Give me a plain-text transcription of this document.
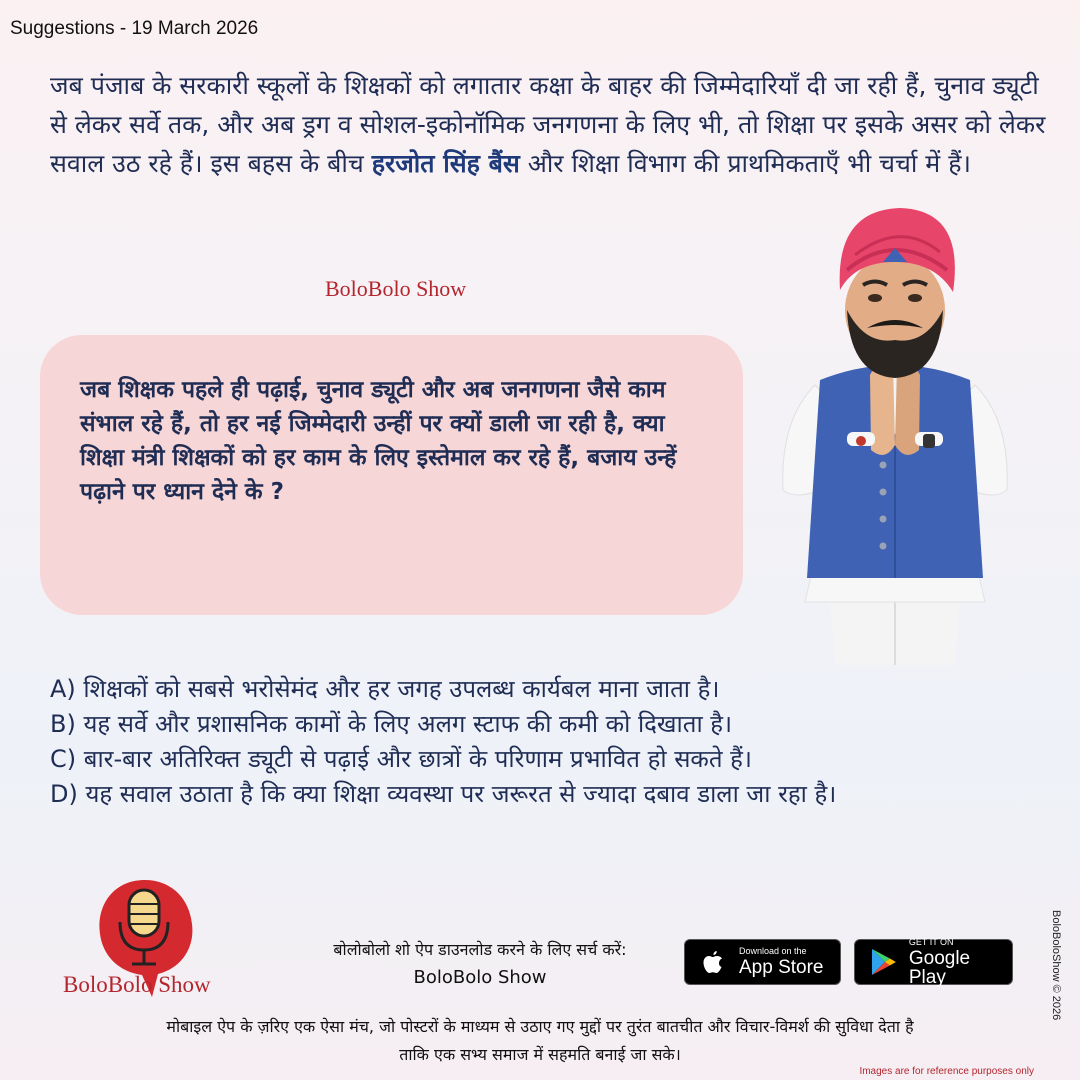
Suggestions - 19 March 2026
जब पंजाब के सरकारी स्कूलों के शिक्षकों को लगातार कक्षा के बाहर की जिम्मेदारियाँ दी जा रही हैं, चुनाव ड्यूटी से लेकर सर्वे तक, और अब ड्रग व सोशल-इकोनॉमिक जनगणना के लिए भी, तो शिक्षा पर इसके असर को लेकर सवाल उठ रहे हैं। इस बहस के बीच हरजोत सिंह बैंस और शिक्षा विभाग की प्राथमिकताएँ भी चर्चा में हैं।
BoloBolo Show

जब शिक्षक पहले ही पढ़ाई, चुनाव ड्यूटी और अब जनगणना जैसे काम संभाल रहे हैं, तो हर नई जिम्मेदारी उन्हीं पर क्यों डाली जा रही है, क्या शिक्षा मंत्री शिक्षकों को हर काम के लिए इस्तेमाल कर रहे हैं, बजाय उन्हें पढ़ाने पर ध्यान देने के ?

A) शिक्षकों को सबसे भरोसेमंद और हर जगह उपलब्ध कार्यबल माना जाता है।
B) यह सर्वे और प्रशासनिक कामों के लिए अलग स्टाफ की कमी को दिखाता है।
C) बार-बार अतिरिक्त ड्यूटी से पढ़ाई और छात्रों के परिणाम प्रभावित हो सकते हैं।
D) यह सवाल उठाता है कि क्या शिक्षा व्यवस्था पर जरूरत से ज्यादा दबाव डाला जा रहा है।
BoloBolo Show
बोलोबोलो शो ऐप डाउनलोड करने के लिए सर्च करें:
BoloBolo Show
Download on the
App Store
GET IT ON
Google Play
मोबाइल ऐप के ज़रिए एक ऐसा मंच, जो पोस्टरों के माध्यम से उठाए गए मुद्दों पर तुरंत बातचीत और विचार-विमर्श की सुविधा देता है
ताकि एक सभ्य समाज में सहमति बनाई जा सके।
Images are for reference purposes only
BoloBoloShow © 2026
